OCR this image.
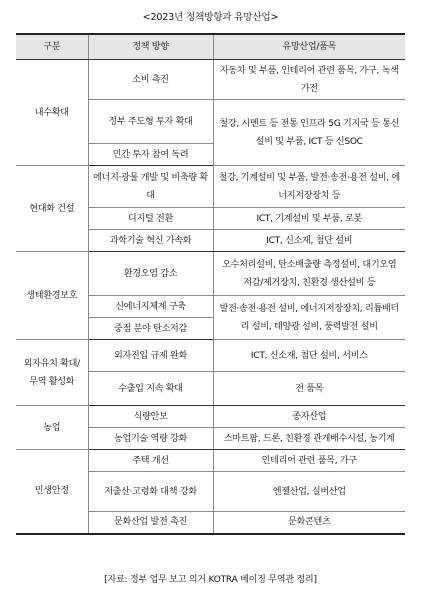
<2023년 정책방향과 유망산업>
구분	정책 방향	유망산업/품목
내수확대	소비 촉진	자동차 및 부품, 인테리어 관련 품목, 가구, 녹색가전
	정부 주도형 투자 확대	철강, 시멘트 등 전통 인프라 5G 기지국 등 통신설비 및 부품, ICT 등 신SOC
	민간 투자 참여 독려	
현대화 건설	에너지·광물 개발 및 비축량 확대	철강, 기계설비 및 부품, 발전·송전·용전 설비, 에너지저장장치 등
	디지털 전환	ICT, 기계설비 및 부품, 로봇
	과학기술 혁신 가속화	ICT, 신소재, 첨단 설비
생태환경보호	환경오염 감소	오수처리설비, 탄소배출량 측정설비, 대기오염 저감/제거장치, 친환경 생산설비 등
	신에너지체계 구축	발전·송전·용전 설비, 에너지저장장치, 리튬배터리 설비, 태양광 설비, 풍력발전 설비
	중점 분야 탄소저감	
외자유치 확대/ 무역 활성화	외자진입 규제 완화	ICT, 신소재, 첨단 설비, 서비스
	수출입 지속 확대	전 품목
농업	식량안보	종자산업
	농업기술 역량 강화	스마트팜, 드론, 친환경 관개배수시설, 농기계
민생안정	주택 개선	인테리어 관련 품목, 가구
	저출산·고령화 대책 강화	엔젤산업, 실버산업
	문화산업 발전 촉진	문화콘텐츠
[자료: 정부 업무 보고 의거 KOTRA 베이징 무역관 정리]
